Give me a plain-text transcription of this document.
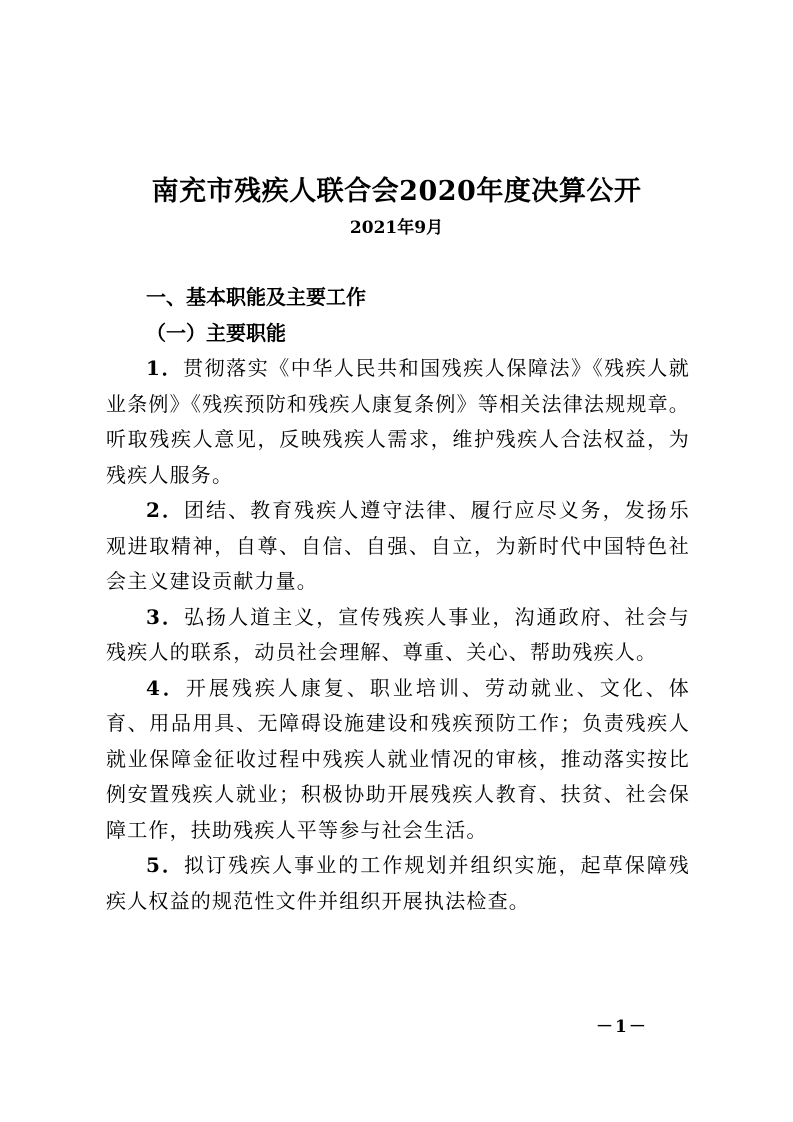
南充市残疾人联合会2020年度决算公开
2021年9月
一、基本职能及主要工作
（一）主要职能
1．贯彻落实《中华人民共和国残疾人保障法》《残疾人就业条例》《残疾预防和残疾人康复条例》等相关法律法规规章。听取残疾人意见，反映残疾人需求，维护残疾人合法权益，为残疾人服务。
2．团结、教育残疾人遵守法律、履行应尽义务，发扬乐观进取精神，自尊、自信、自强、自立，为新时代中国特色社会主义建设贡献力量。
3．弘扬人道主义，宣传残疾人事业，沟通政府、社会与残疾人的联系，动员社会理解、尊重、关心、帮助残疾人。
4．开展残疾人康复、职业培训、劳动就业、文化、体育、用品用具、无障碍设施建设和残疾预防工作；负责残疾人就业保障金征收过程中残疾人就业情况的审核，推动落实按比例安置残疾人就业；积极协助开展残疾人教育、扶贫、社会保障工作，扶助残疾人平等参与社会生活。
5．拟订残疾人事业的工作规划并组织实施，起草保障残疾人权益的规范性文件并组织开展执法检查。
－1－
